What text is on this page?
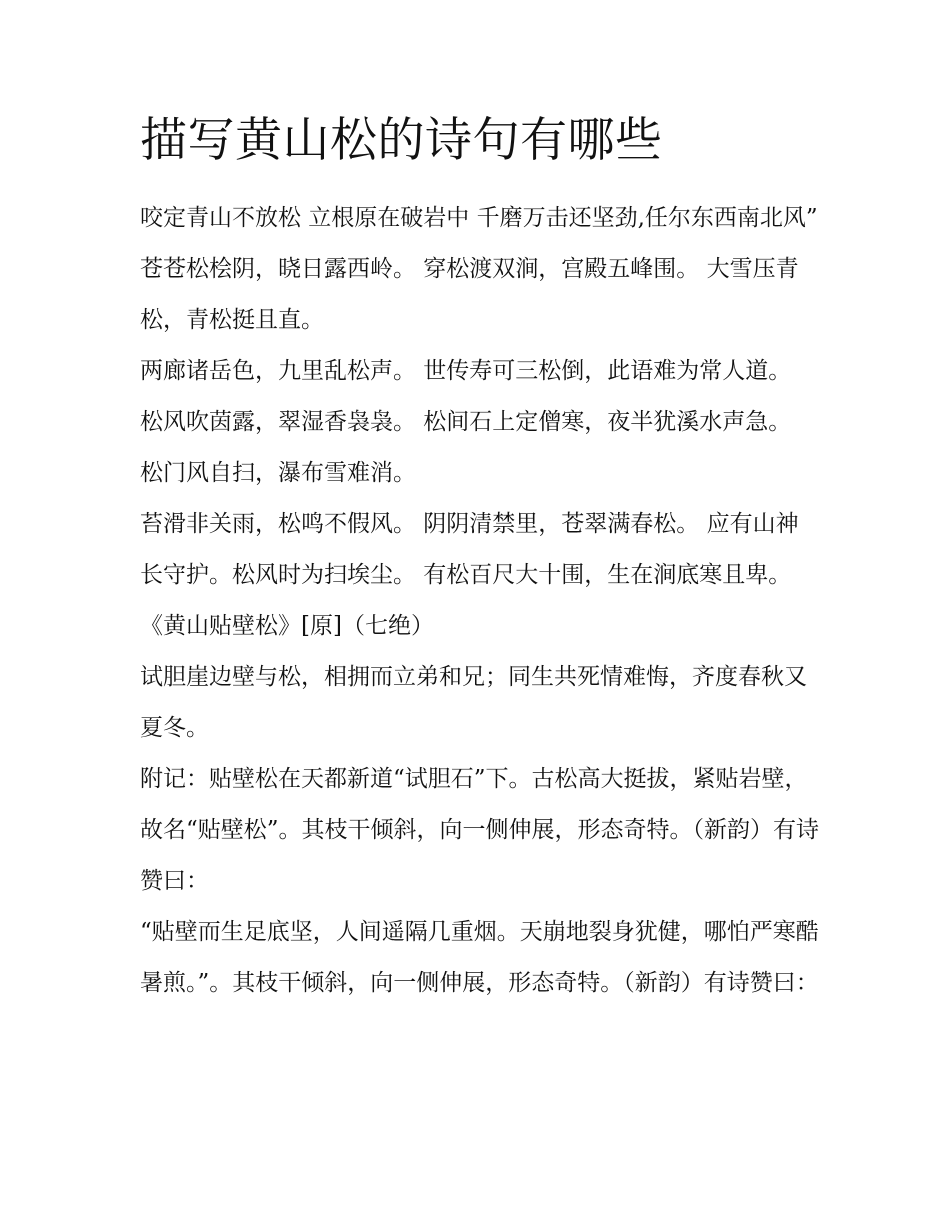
描写黄山松的诗句有哪些

咬定青山不放松 立根原在破岩中 千磨万击还坚劲,任尔东西南北风” 苍苍松桧阴，晓日露西岭。 穿松渡双涧，宫殿五峰围。 大雪压青松，青松挺且直。

两廊诸岳色，九里乱松声。 世传寿可三松倒，此语难为常人道。 松风吹茵露，翠湿香袅袅。 松间石上定僧寒，夜半犹溪水声急。 松门风自扫，瀑布雪难消。

苔滑非关雨，松鸣不假风。 阴阴清禁里，苍翠满春松。 应有山神长守护。松风时为扫埃尘。 有松百尺大十围，生在涧底寒且卑。 《黄山贴壁松》[原]（七绝）

试胆崖边壁与松，相拥而立弟和兄；同生共死情难悔，齐度春秋又夏冬。

附记：贴壁松在天都新道“试胆石”下。古松高大挺拔，紧贴岩壁，故名“贴壁松”。其枝干倾斜，向一侧伸展，形态奇特。（新韵）有诗赞曰：

“贴壁而生足底坚，人间遥隔几重烟。天崩地裂身犹健，哪怕严寒酷暑煎。”。其枝干倾斜，向一侧伸展，形态奇特。（新韵）有诗赞曰：
